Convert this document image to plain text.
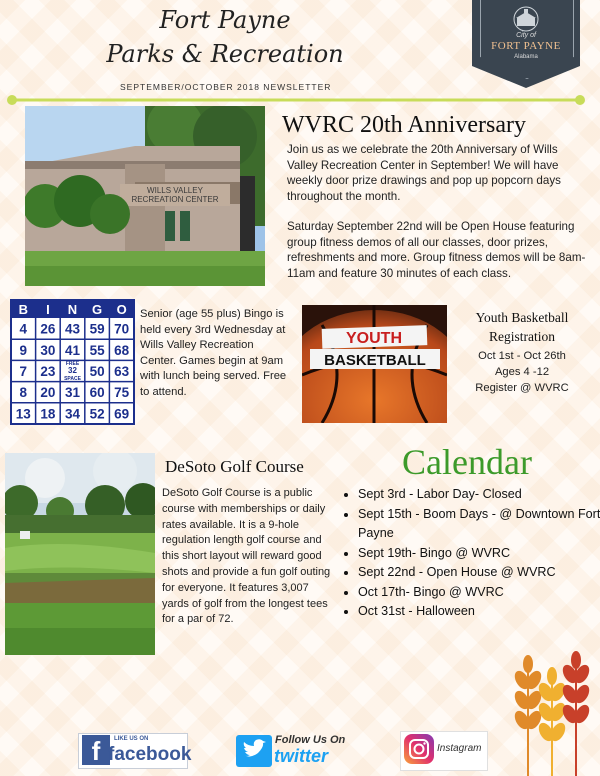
Fort Payne
Parks & Recreation
SEPTEMBER/OCTOBER 2018 NEWSLETTER
City of
FORT PAYNE
Alabama
WILLS VALLEY
RECREATION CENTER
WVRC 20th Anniversary
Join us as we celebrate the 20th Anniversary of Wills Valley Recreation Center in September! We will have weekly door prize drawings and pop up popcorn days throughout the month.
Saturday September 22nd will be Open House featuring group fitness demos of all our classes, door prizes, refreshments and more. Group fitness demos will be 8am-11am and feature 30 minutes of each class.
B I N G O
4 26 43 59 70
9 30 41 55 68
7 23 FREE
32
SPACE 50 63
8 20 31 60 75
13 18 34 52 69
Senior (age 55 plus) Bingo is held every 3rd Wednesday at Wills Valley Recreation Center. Games begin at 9am with lunch being served. Free to attend.
YOUTH
BASKETBALL
Youth Basketball Registration
Oct 1st - Oct 26th
Ages 4 -12
Register @ WVRC
DeSoto Golf Course
DeSoto Golf Course is a public course with memberships or daily rates available. It is a 9-hole regulation length golf course and this short layout will reward good shots and provide a fun golf outing for everyone. It features 3,007 yards of golf from the longest tees for a par of 72.
Calendar
• Sept 3rd - Labor Day- Closed
• Sept 15th - Boom Days - @ Downtown Fort Payne
• Sept 19th- Bingo @ WVRC
• Sept 22nd - Open House @ WVRC
• Oct 17th- Bingo @ WVRC
• Oct 31st - Halloween
f	LIKE US ON
facebook
Follow Us On
twitter	Instagram
